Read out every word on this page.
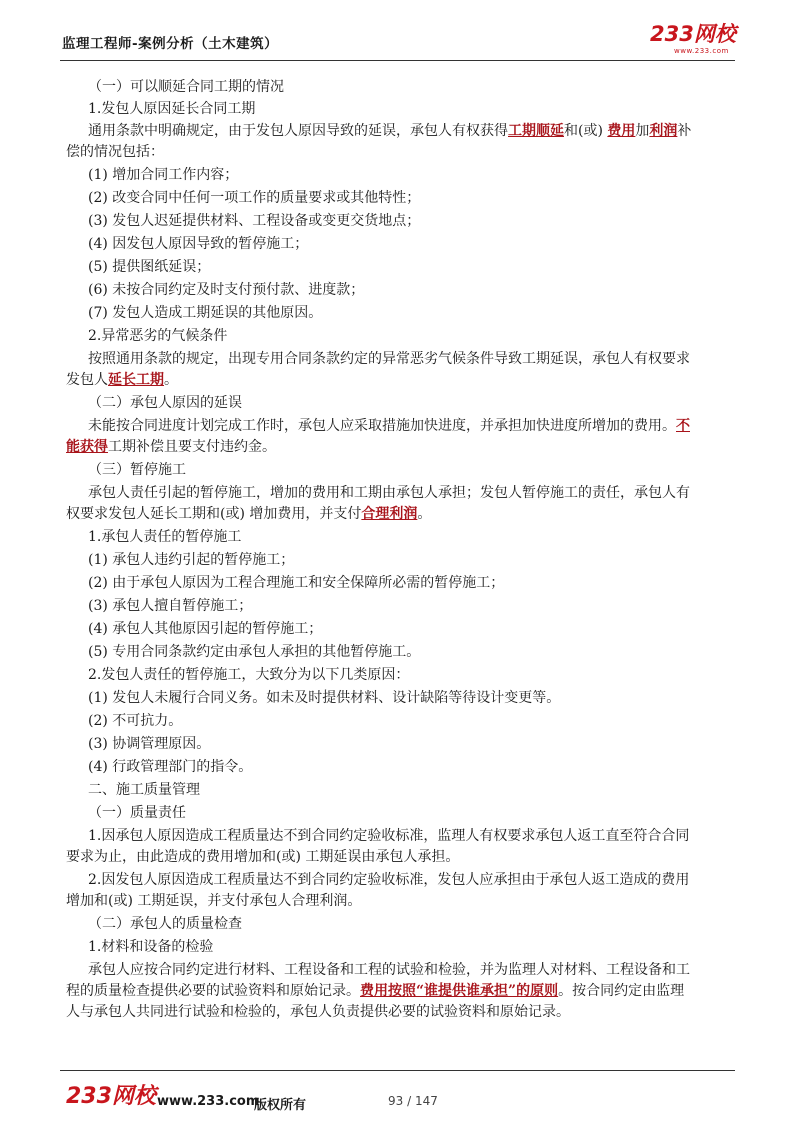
监理工程师-案例分析（土木建筑）	233网校
www.233.com
（一）可以顺延合同工期的情况
1.发包人原因延长合同工期
通用条款中明确规定，由于发包人原因导致的延误，承包人有权获得工期顺延和(或) 费用加利润补
偿的情况包括：
(1) 增加合同工作内容；
(2) 改变合同中任何一项工作的质量要求或其他特性；
(3) 发包人迟延提供材料、工程设备或变更交货地点；
(4) 因发包人原因导致的暂停施工；
(5) 提供图纸延误；
(6) 未按合同约定及时支付预付款、进度款；
(7) 发包人造成工期延误的其他原因。
2.异常恶劣的气候条件
按照通用条款的规定，出现专用合同条款约定的异常恶劣气候条件导致工期延误，承包人有权要求
发包人延长工期。
（二）承包人原因的延误
未能按合同进度计划完成工作时，承包人应采取措施加快进度，并承担加快进度所增加的费用。不
能获得工期补偿且要支付违约金。
（三）暂停施工
承包人责任引起的暂停施工，增加的费用和工期由承包人承担；发包人暂停施工的责任，承包人有
权要求发包人延长工期和(或) 增加费用，并支付合理利润。
1.承包人责任的暂停施工
(1) 承包人违约引起的暂停施工；
(2) 由于承包人原因为工程合理施工和安全保障所必需的暂停施工；
(3) 承包人擅自暂停施工；
(4) 承包人其他原因引起的暂停施工；
(5) 专用合同条款约定由承包人承担的其他暂停施工。
2.发包人责任的暂停施工，大致分为以下几类原因：
(1) 发包人未履行合同义务。如未及时提供材料、设计缺陷等待设计变更等。
(2) 不可抗力。
(3) 协调管理原因。
(4) 行政管理部门的指令。
二、施工质量管理
（一）质量责任
1.因承包人原因造成工程质量达不到合同约定验收标准，监理人有权要求承包人返工直至符合合同
要求为止，由此造成的费用增加和(或) 工期延误由承包人承担。
2.因发包人原因造成工程质量达不到合同约定验收标准，发包人应承担由于承包人返工造成的费用
增加和(或) 工期延误，并支付承包人合理利润。
（二）承包人的质量检查
1.材料和设备的检验
承包人应按合同约定进行材料、工程设备和工程的试验和检验，并为监理人对材料、工程设备和工
程的质量检查提供必要的试验资料和原始记录。费用按照“谁提供谁承担”的原则。按合同约定由监理
人与承包人共同进行试验和检验的，承包人负责提供必要的试验资料和原始记录。
233网校 www.233.com
版权所有	93 / 147
